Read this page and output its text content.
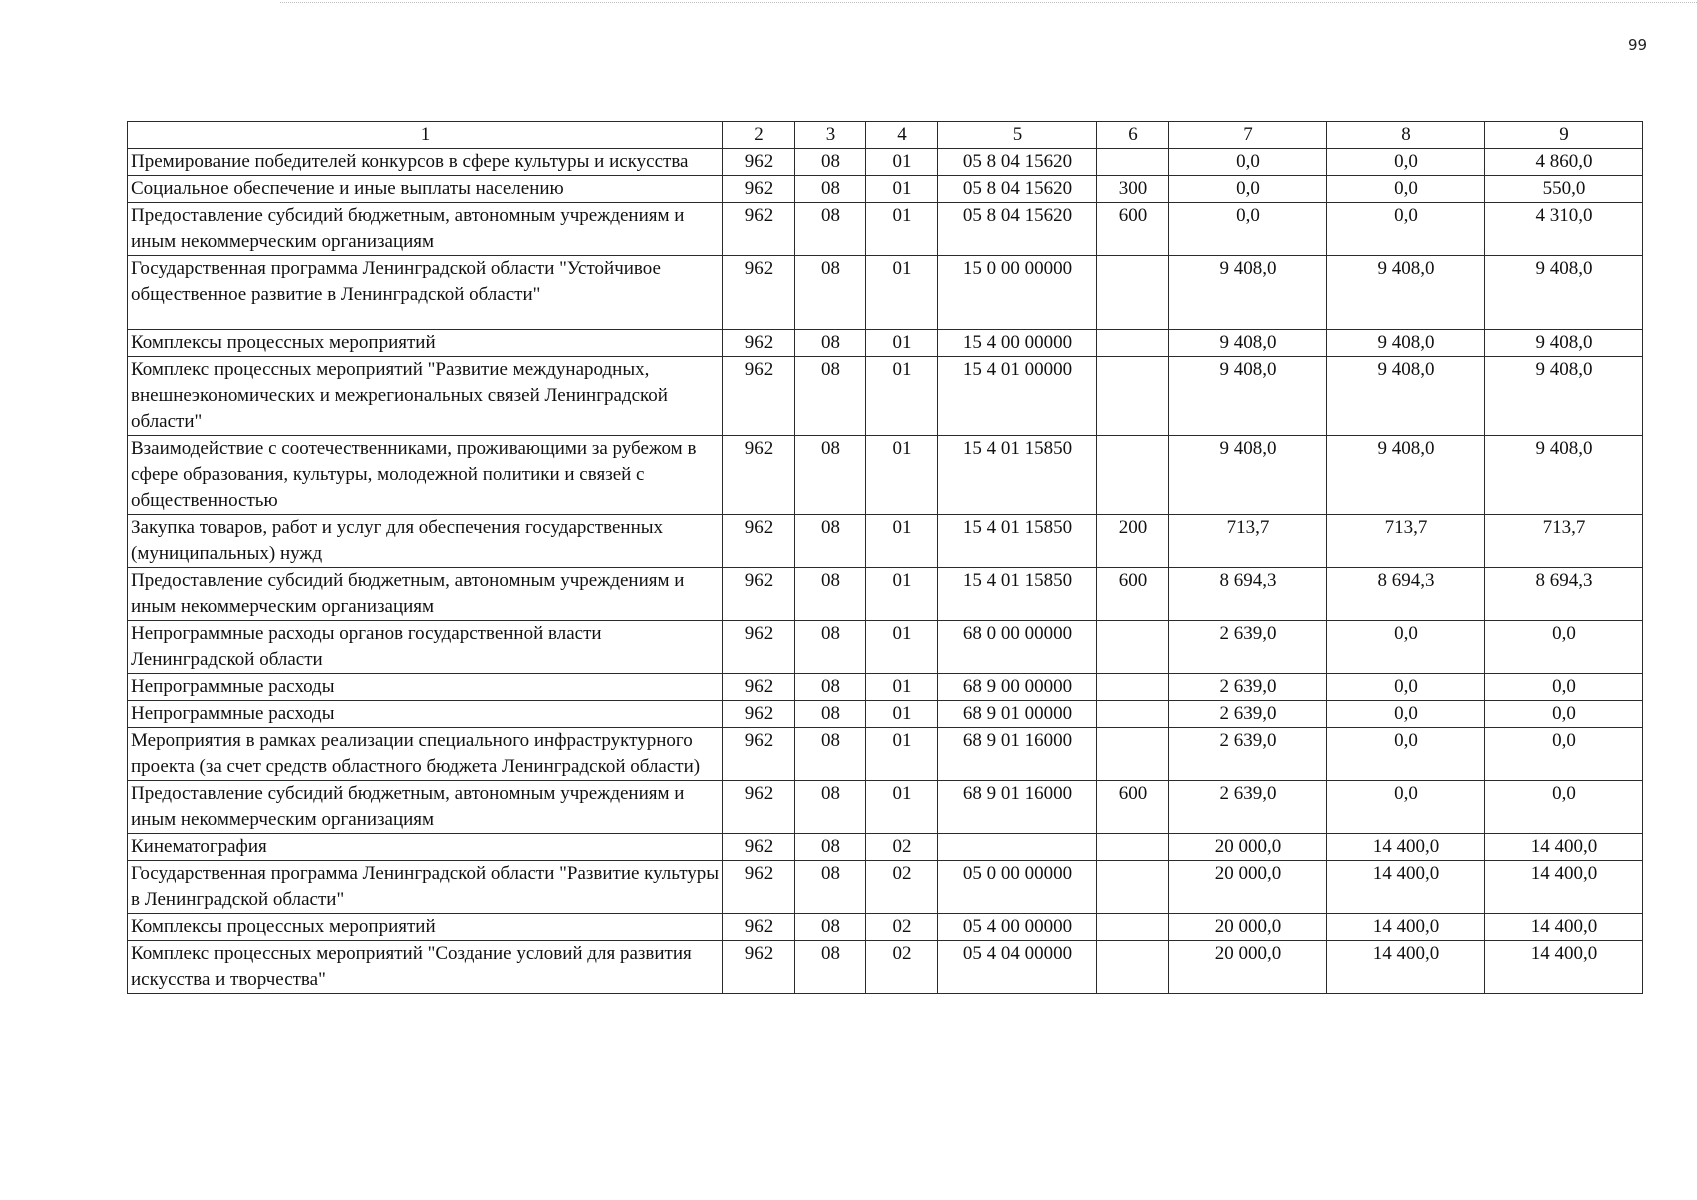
99
1	2	3	4	5	6	7	8	9
Премирование победителей конкурсов в сфере культуры и искусства	962	08	01	05 8 04 15620		0,0	0,0	4 860,0
Социальное обеспечение и иные выплаты населению	962	08	01	05 8 04 15620	300	0,0	0,0	550,0
Предоставление субсидий бюджетным, автономным учреждениям и иным некоммерческим организациям	962	08	01	05 8 04 15620	600	0,0	0,0	4 310,0
Государственная программа Ленинградской области "Устойчивое общественное развитие в Ленинградской области"	962	08	01	15 0 00 00000		9 408,0	9 408,0	9 408,0
Комплексы процессных мероприятий	962	08	01	15 4 00 00000		9 408,0	9 408,0	9 408,0
Комплекс процессных мероприятий "Развитие международных, внешнеэкономических и межрегиональных связей Ленинградской области"	962	08	01	15 4 01 00000		9 408,0	9 408,0	9 408,0
Взаимодействие с соотечественниками, проживающими за рубежом в сфере образования, культуры, молодежной политики и связей с общественностью	962	08	01	15 4 01 15850		9 408,0	9 408,0	9 408,0
Закупка товаров, работ и услуг для обеспечения государственных (муниципальных) нужд	962	08	01	15 4 01 15850	200	713,7	713,7	713,7
Предоставление субсидий бюджетным, автономным учреждениям и иным некоммерческим организациям	962	08	01	15 4 01 15850	600	8 694,3	8 694,3	8 694,3
Непрограммные расходы органов государственной власти Ленинградской области	962	08	01	68 0 00 00000		2 639,0	0,0	0,0
Непрограммные расходы	962	08	01	68 9 00 00000		2 639,0	0,0	0,0
Непрограммные расходы	962	08	01	68 9 01 00000		2 639,0	0,0	0,0
Мероприятия в рамках реализации специального инфраструктурного проекта (за счет средств областного бюджета Ленинградской области)	962	08	01	68 9 01 16000		2 639,0	0,0	0,0
Предоставление субсидий бюджетным, автономным учреждениям и иным некоммерческим организациям	962	08	01	68 9 01 16000	600	2 639,0	0,0	0,0
Кинематография	962	08	02			20 000,0	14 400,0	14 400,0
Государственная программа Ленинградской области "Развитие культуры в Ленинградской области"	962	08	02	05 0 00 00000		20 000,0	14 400,0	14 400,0
Комплексы процессных мероприятий	962	08	02	05 4 00 00000		20 000,0	14 400,0	14 400,0
Комплекс процессных мероприятий "Создание условий для развития искусства и творчества"	962	08	02	05 4 04 00000		20 000,0	14 400,0	14 400,0
